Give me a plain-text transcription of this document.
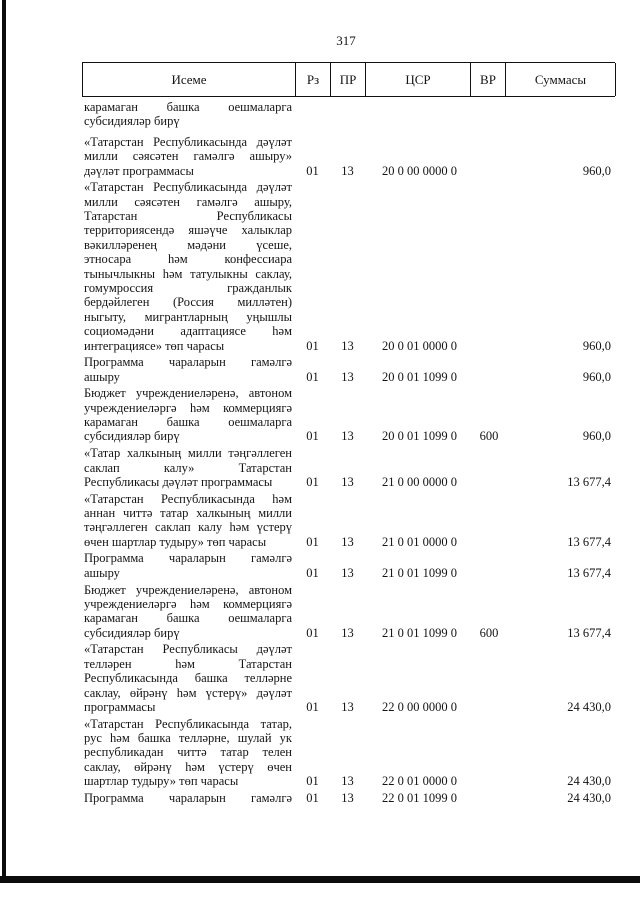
317
Исеме	Рз	ПР	ЦСР	ВР	Суммасы
карамаган башка оешмаларга
субсидияләр бирү
«Татарстан Республикасында дәүләт
милли сәясәтен гамәлгә ашыру»
дәүләт программасы	01	13	20 0 00 0000 0	960,0
«Татарстан Республикасында дәүләт
милли сәясәтен гамәлгә ашыру,
Татарстан Республикасы
территориясендә яшәүче халыклар
вәкилләренең мәдәни үсеше,
этносара һәм конфессиара
тынычлыкны һәм татулыкны саклау,
гомумроссия гражданлык
бердәйлеген (Россия милләтен)
ныгыту, мигрантларның уңышлы
социомәдәни адаптациясе һәм
интеграциясе» төп чарасы	01	13	20 0 01 0000 0	960,0
Программа чараларын гамәлгә
ашыру	01	13	20 0 01 1099 0	960,0
Бюджет учреждениеләренә, автоном
учреждениеләргә һәм коммерциягә
карамаган башка оешмаларга
субсидияләр бирү	01	13	20 0 01 1099 0	600	960,0
«Татар халкының милли тәңгәллеген
саклап калу» Татарстан
Республикасы дәүләт программасы	01	13	21 0 00 0000 0	13 677,4
«Татарстан Республикасында һәм
аннан читтә татар халкының милли
тәңгәллеген саклап калу һәм үстерү
өчен шартлар тудыру» төп чарасы	01	13	21 0 01 0000 0	13 677,4
Программа чараларын гамәлгә
ашыру	01	13	21 0 01 1099 0	13 677,4
Бюджет учреждениеләренә, автоном
учреждениеләргә һәм коммерциягә
карамаган башка оешмаларга
субсидияләр бирү	01	13	21 0 01 1099 0	600	13 677,4
«Татарстан Республикасы дәүләт
телләрен һәм Татарстан
Республикасында башка телләрне
саклау, өйрәнү һәм үстерү» дәүләт
программасы	01	13	22 0 00 0000 0	24 430,0
«Татарстан Республикасында татар,
рус һәм башка телләрне, шулай ук
республикадан читтә татар телен
саклау, өйрәнү һәм үстерү өчен
шартлар тудыру» төп чарасы	01	13	22 0 01 0000 0	24 430,0
Программа чараларын гамәлгә	01	13	22 0 01 1099 0	24 430,0
